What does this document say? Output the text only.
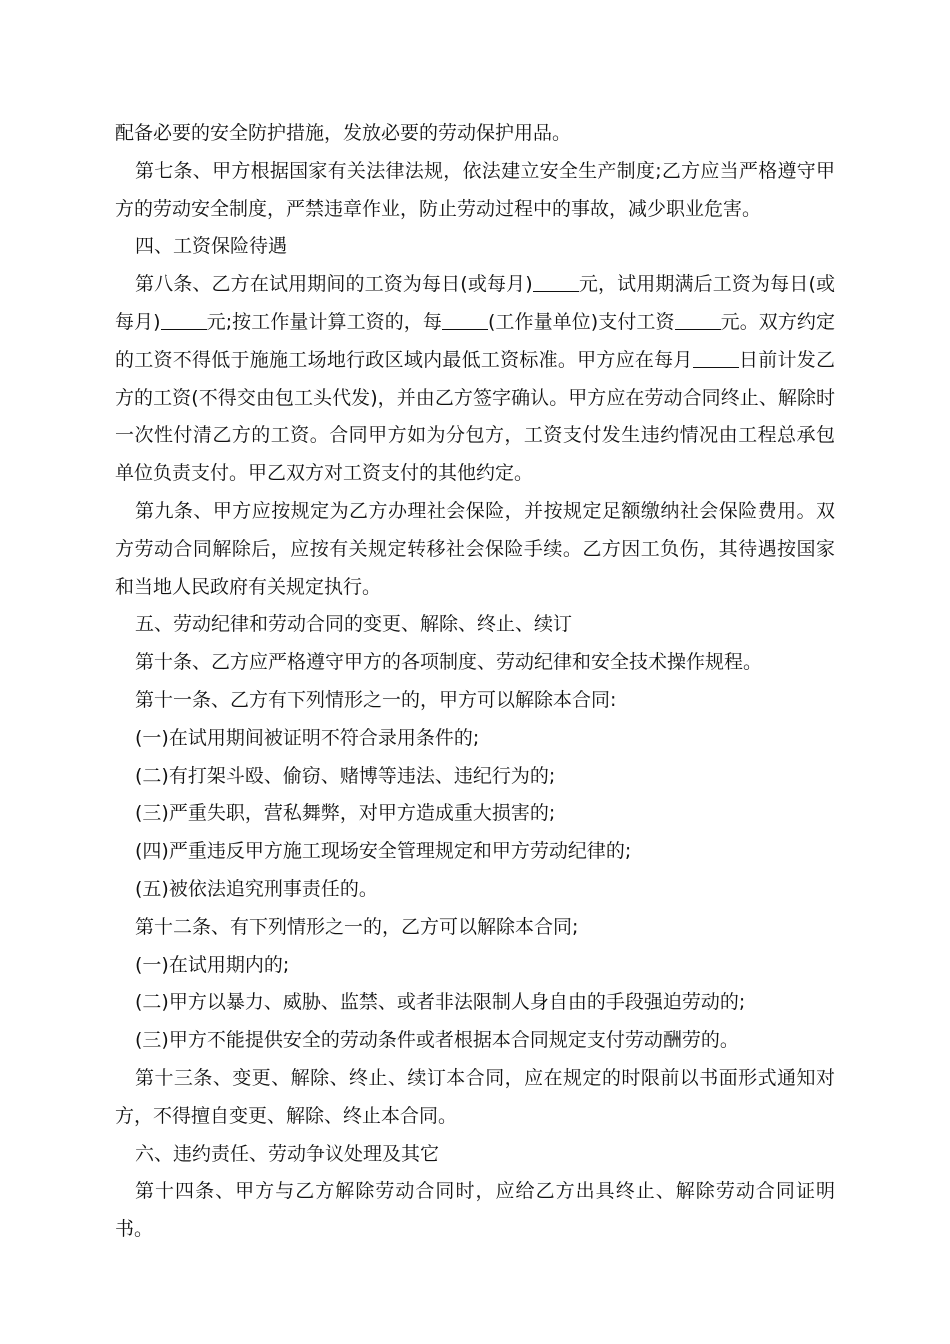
配备必要的安全防护措施，发放必要的劳动保护用品。

第七条、甲方根据国家有关法律法规，依法建立安全生产制度;乙方应当严格遵守甲方的劳动安全制度，严禁违章作业，防止劳动过程中的事故，减少职业危害。

四、工资保险待遇

第八条、乙方在试用期间的工资为每日(或每月) 元，试用期满后工资为每日(或每月) 元;按工作量计算工资的，每 (工作量单位)支付工资 元。双方约定的工资不得低于施施工场地行政区域内最低工资标准。甲方应在每月 日前计发乙方的工资(不得交由包工头代发)，并由乙方签字确认。甲方应在劳动合同终止、解除时一次性付清乙方的工资。合同甲方如为分包方，工资支付发生违约情况由工程总承包单位负责支付。甲乙双方对工资支付的其他约定。

第九条、甲方应按规定为乙方办理社会保险，并按规定足额缴纳社会保险费用。双方劳动合同解除后，应按有关规定转移社会保险手续。乙方因工负伤，其待遇按国家和当地人民政府有关规定执行。

五、劳动纪律和劳动合同的变更、解除、终止、续订

第十条、乙方应严格遵守甲方的各项制度、劳动纪律和安全技术操作规程。

第十一条、乙方有下列情形之一的，甲方可以解除本合同:

(一)在试用期间被证明不符合录用条件的;

(二)有打架斗殴、偷窃、赌博等违法、违纪行为的;

(三)严重失职，营私舞弊，对甲方造成重大损害的;

(四)严重违反甲方施工现场安全管理规定和甲方劳动纪律的;

(五)被依法追究刑事责任的。

第十二条、有下列情形之一的，乙方可以解除本合同;

(一)在试用期内的;

(二)甲方以暴力、威胁、监禁、或者非法限制人身自由的手段强迫劳动的;

(三)甲方不能提供安全的劳动条件或者根据本合同规定支付劳动酬劳的。

第十三条、变更、解除、终止、续订本合同，应在规定的时限前以书面形式通知对方，不得擅自变更、解除、终止本合同。

六、违约责任、劳动争议处理及其它

第十四条、甲方与乙方解除劳动合同时，应给乙方出具终止、解除劳动合同证明书。
